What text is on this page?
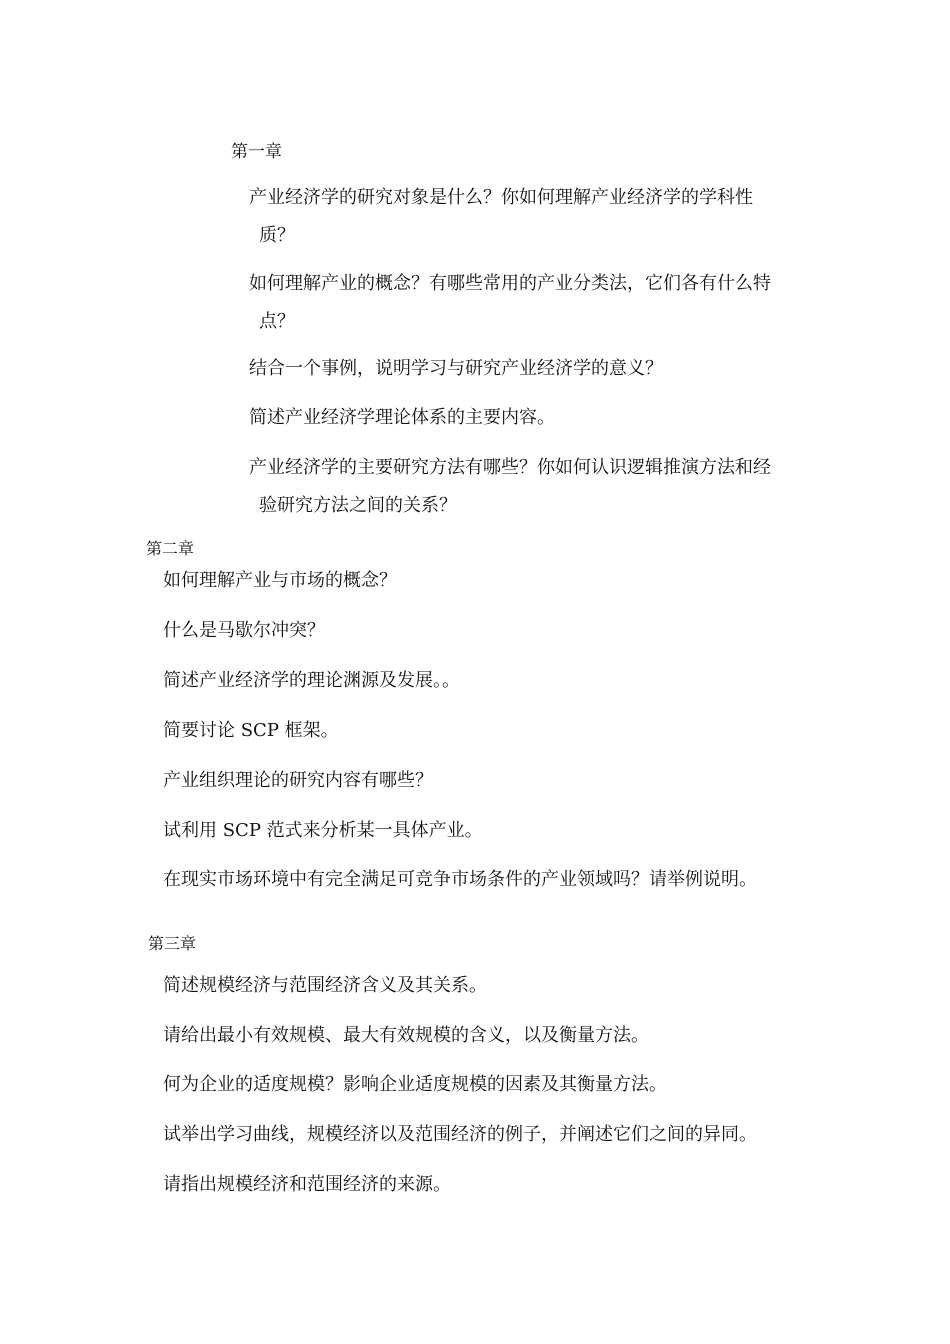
第一章
产业经济学的研究对象是什么？你如何理解产业经济学的学科性
质？
如何理解产业的概念？有哪些常用的产业分类法，它们各有什么特
点？
结合一个事例，说明学习与研究产业经济学的意义？
简述产业经济学理论体系的主要内容。
产业经济学的主要研究方法有哪些？你如何认识逻辑推演方法和经
验研究方法之间的关系？
第二章
如何理解产业与市场的概念？
什么是马歇尔冲突？
简述产业经济学的理论渊源及发展。。
简要讨论 SCP 框架。
产业组织理论的研究内容有哪些？
试利用 SCP 范式来分析某一具体产业。
在现实市场环境中有完全满足可竞争市场条件的产业领域吗？请举例说明。
第三章
简述规模经济与范围经济含义及其关系。
请给出最小有效规模、最大有效规模的含义，以及衡量方法。
何为企业的适度规模？影响企业适度规模的因素及其衡量方法。
试举出学习曲线，规模经济以及范围经济的例子，并阐述它们之间的异同。
请指出规模经济和范围经济的来源。
